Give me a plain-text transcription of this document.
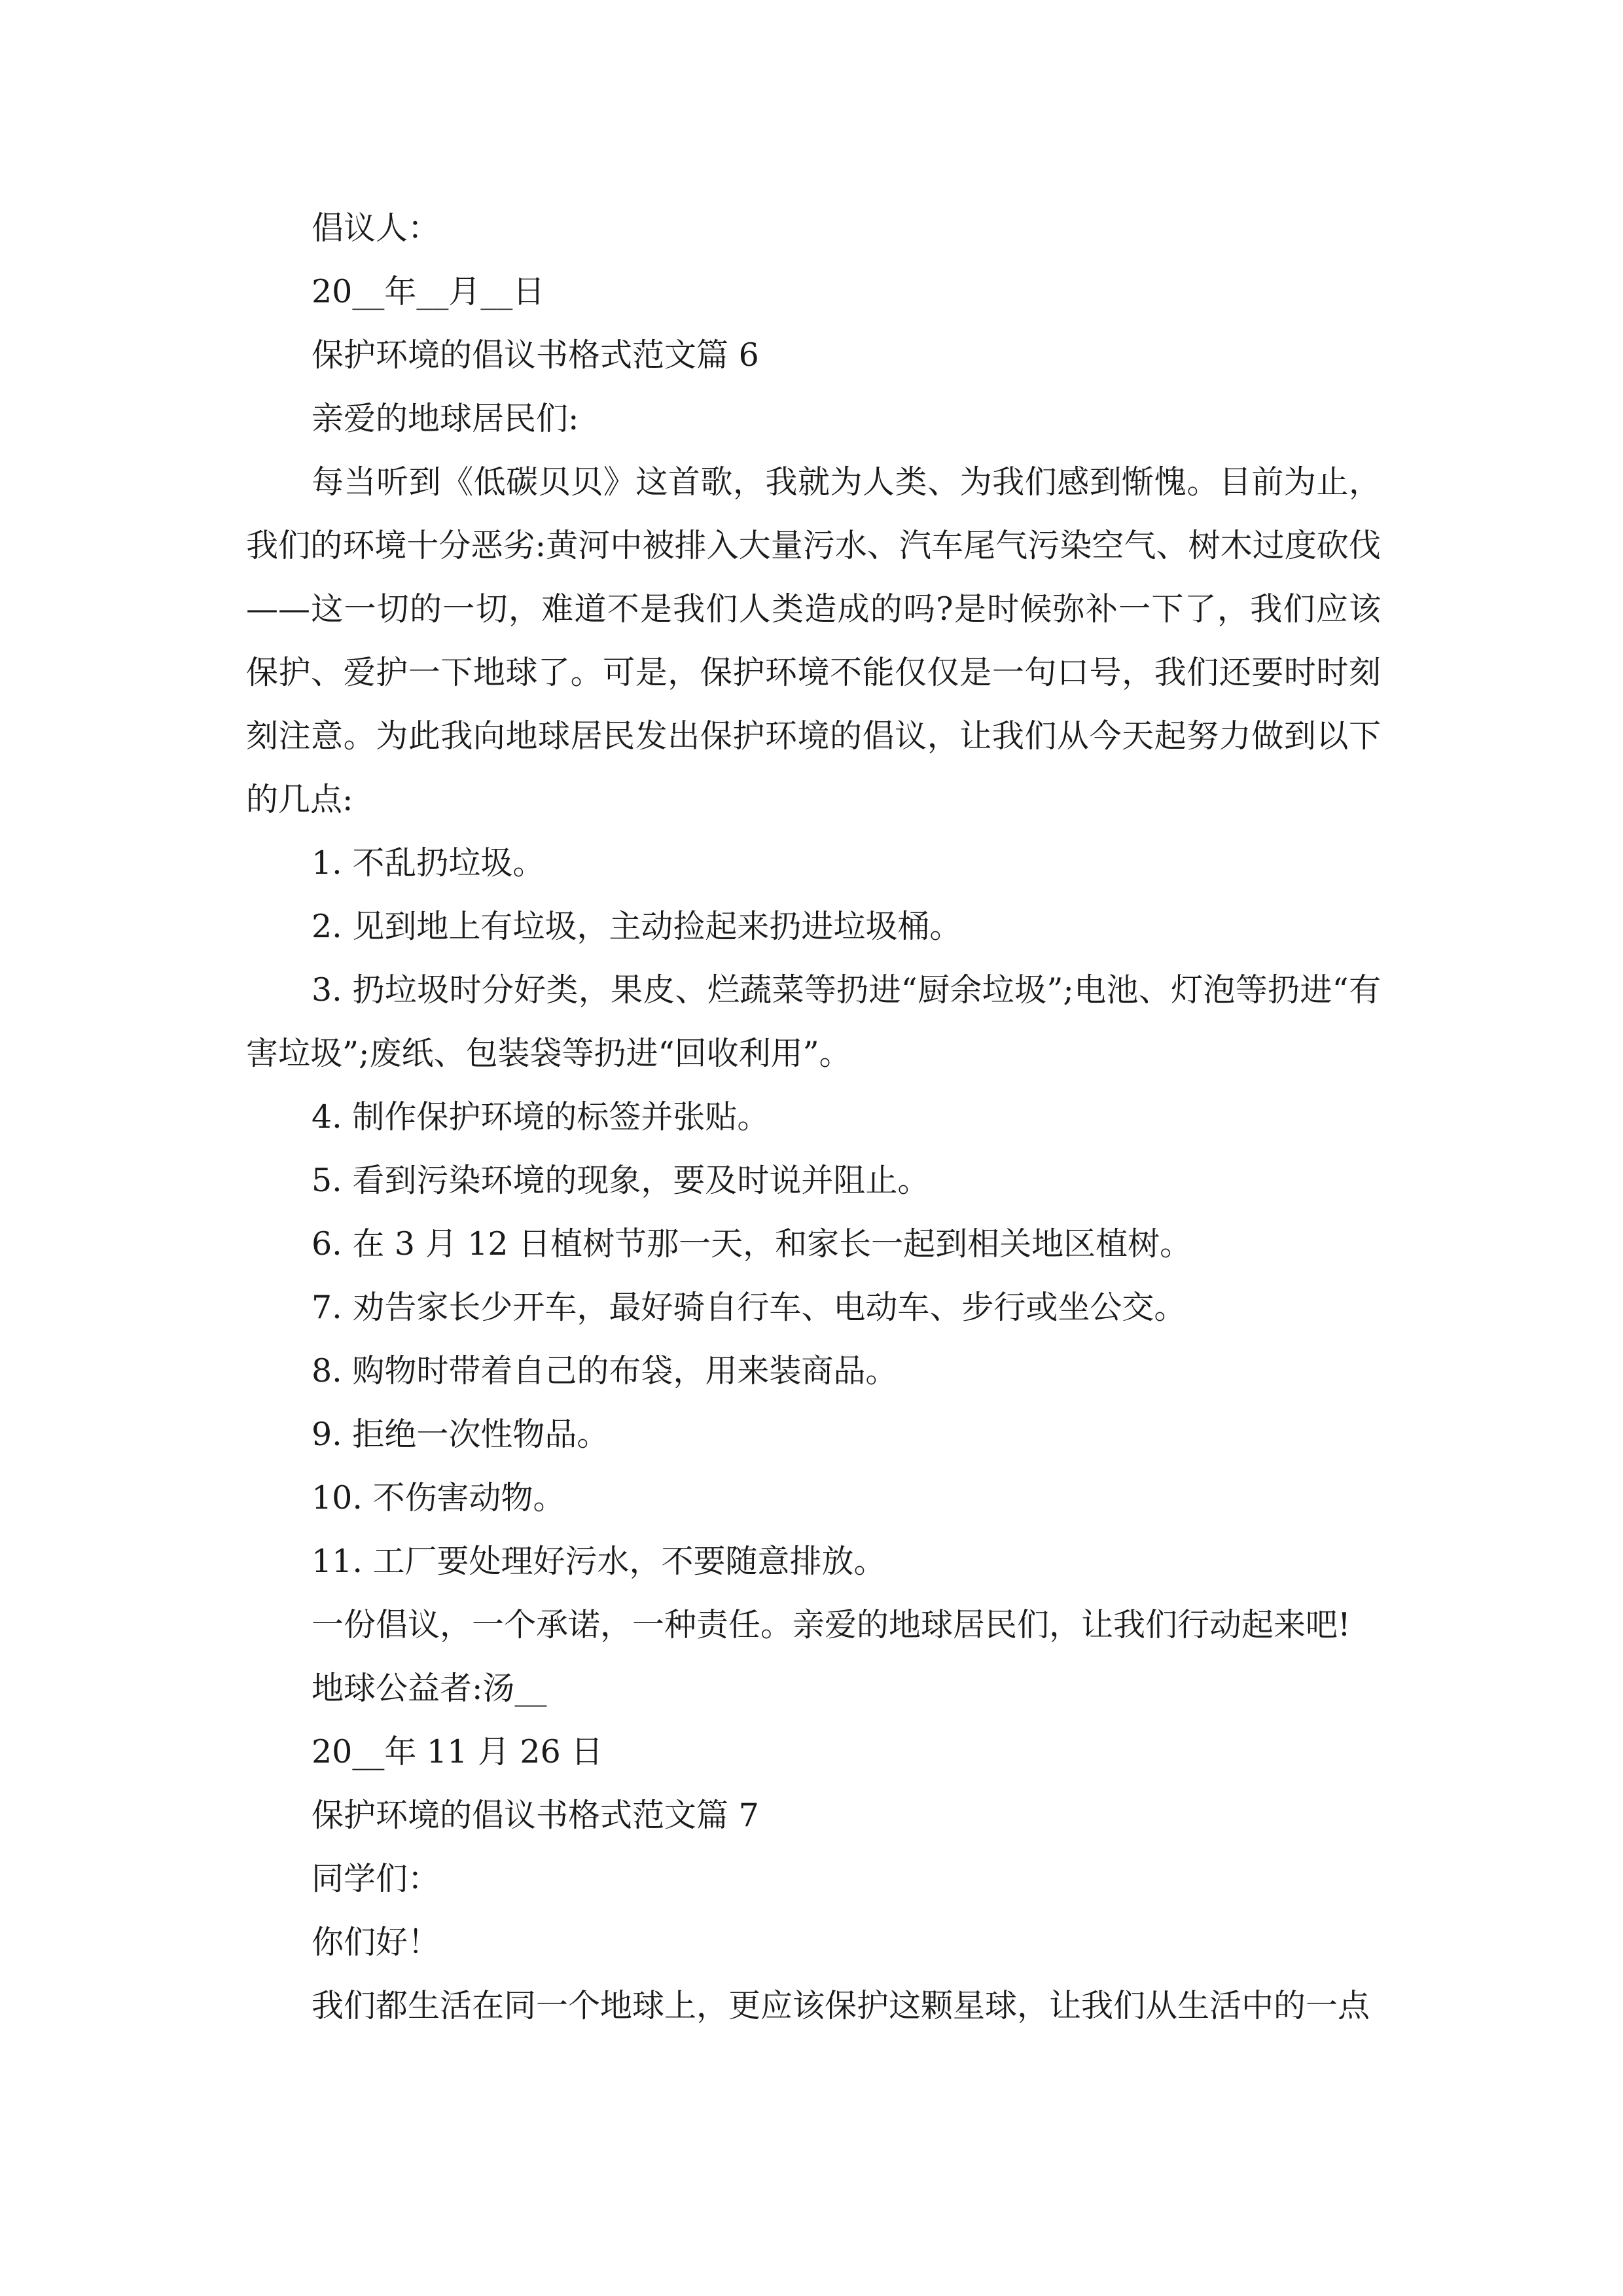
倡议人：
20__年__月__日
保护环境的倡议书格式范文篇 6
亲爱的地球居民们:
每当听到《低碳贝贝》这首歌，我就为人类、为我们感到惭愧。目前为止，我们的环境十分恶劣:黄河中被排入大量污水、汽车尾气污染空气、树木过度砍伐——这一切的一切，难道不是我们人类造成的吗?是时候弥补一下了，我们应该保护、爱护一下地球了。可是，保护环境不能仅仅是一句口号，我们还要时时刻刻注意。为此我向地球居民发出保护环境的倡议，让我们从今天起努力做到以下的几点:
1. 不乱扔垃圾。
2. 见到地上有垃圾，主动捡起来扔进垃圾桶。
3. 扔垃圾时分好类，果皮、烂蔬菜等扔进“厨余垃圾”;电池、灯泡等扔进“有害垃圾”;废纸、包装袋等扔进“回收利用”。
4. 制作保护环境的标签并张贴。
5. 看到污染环境的现象，要及时说并阻止。
6. 在 3 月 12 日植树节那一天，和家长一起到相关地区植树。
7. 劝告家长少开车，最好骑自行车、电动车、步行或坐公交。
8. 购物时带着自己的布袋，用来装商品。
9. 拒绝一次性物品。
10. 不伤害动物。
11. 工厂要处理好污水，不要随意排放。
一份倡议，一个承诺，一种责任。亲爱的地球居民们，让我们行动起来吧!
地球公益者:汤__
20__年 11 月 26 日
保护环境的倡议书格式范文篇 7
同学们：
你们好！
我们都生活在同一个地球上，更应该保护这颗星球，让我们从生活中的一点
